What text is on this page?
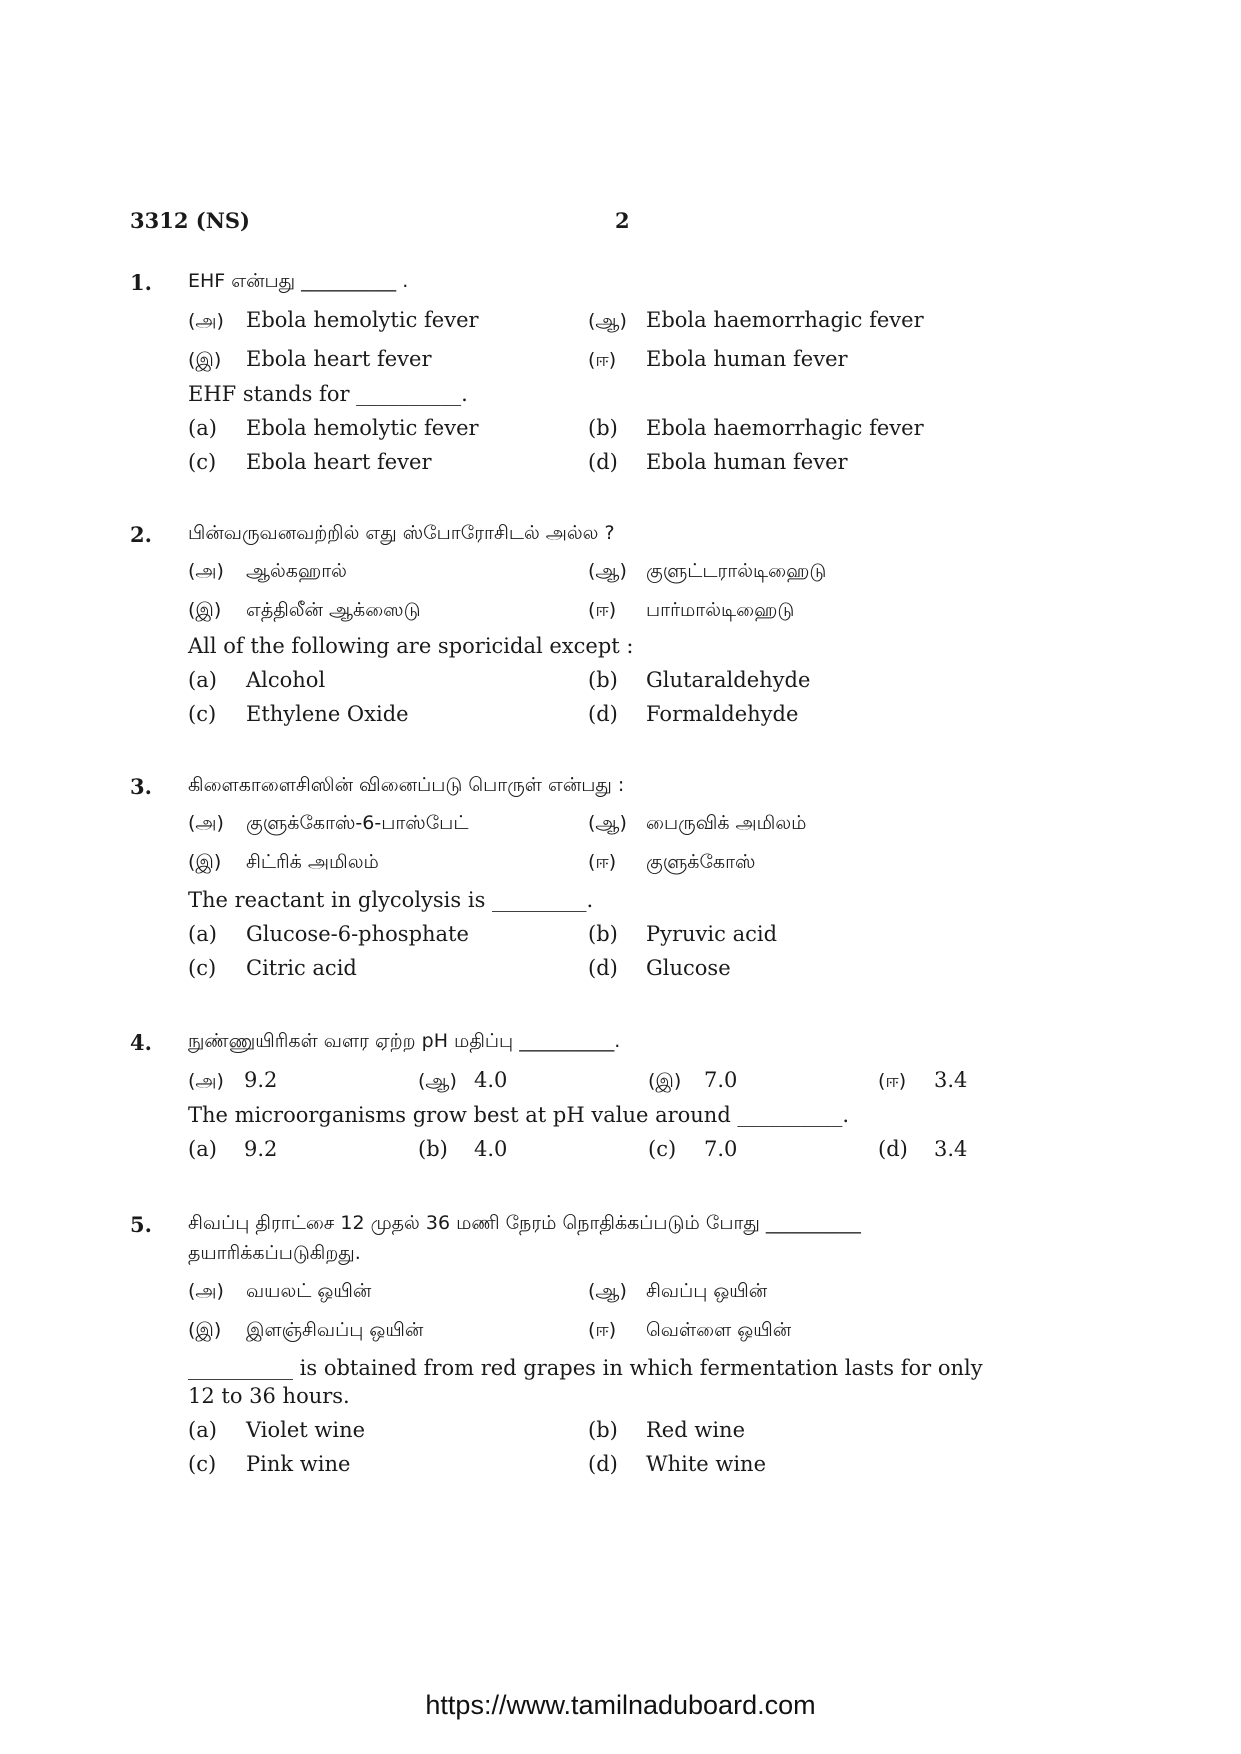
3312 (NS)	2
1.	EHF என்பது __________ .
(அ) Ebola hemolytic fever	(ஆ) Ebola haemorrhagic fever
(இ) Ebola heart fever	(ஈ) Ebola human fever
EHF stands for __________.
(a) Ebola hemolytic fever	(b) Ebola haemorrhagic fever
(c) Ebola heart fever	(d) Ebola human fever
2.	பின்வருவனவற்றில் எது ஸ்போரோசிடல் அல்ல ?
(அ) ஆல்கஹால்	(ஆ) குளுட்டரால்டிஹைடு
(இ) எத்திலீன் ஆக்ஸைடு	(ஈ) பார்மால்டிஹைடு
All of the following are sporicidal except :
(a) Alcohol	(b) Glutaraldehyde
(c) Ethylene Oxide	(d) Formaldehyde
3.	கிளைகாளைசிஸின் வினைப்படு பொருள் என்பது :
(அ) குளுக்கோஸ்-6-பாஸ்பேட்	(ஆ) பைருவிக் அமிலம்
(இ) சிட்ரிக் அமிலம்	(ஈ) குளுக்கோஸ்
The reactant in glycolysis is _________.
(a) Glucose-6-phosphate	(b) Pyruvic acid
(c) Citric acid	(d) Glucose
4.	நுண்ணுயிரிகள் வளர ஏற்ற pH மதிப்பு __________.
(அ) 9.2	(ஆ) 4.0	(இ) 7.0	(ஈ) 3.4
The microorganisms grow best at pH value around __________.
(a) 9.2	(b) 4.0	(c) 7.0	(d) 3.4
5.	சிவப்பு திராட்சை 12 முதல் 36 மணி நேரம் நொதிக்கப்படும் போது __________
தயாரிக்கப்படுகிறது.
(அ) வயலட் ஒயின்	(ஆ) சிவப்பு ஒயின்
(இ) இளஞ்சிவப்பு ஒயின்	(ஈ) வெள்ளை ஒயின்
__________ is obtained from red grapes in which fermentation lasts for only
12 to 36 hours.
(a) Violet wine	(b) Red wine
(c) Pink wine	(d) White wine
https://www.tamilnaduboard.com
